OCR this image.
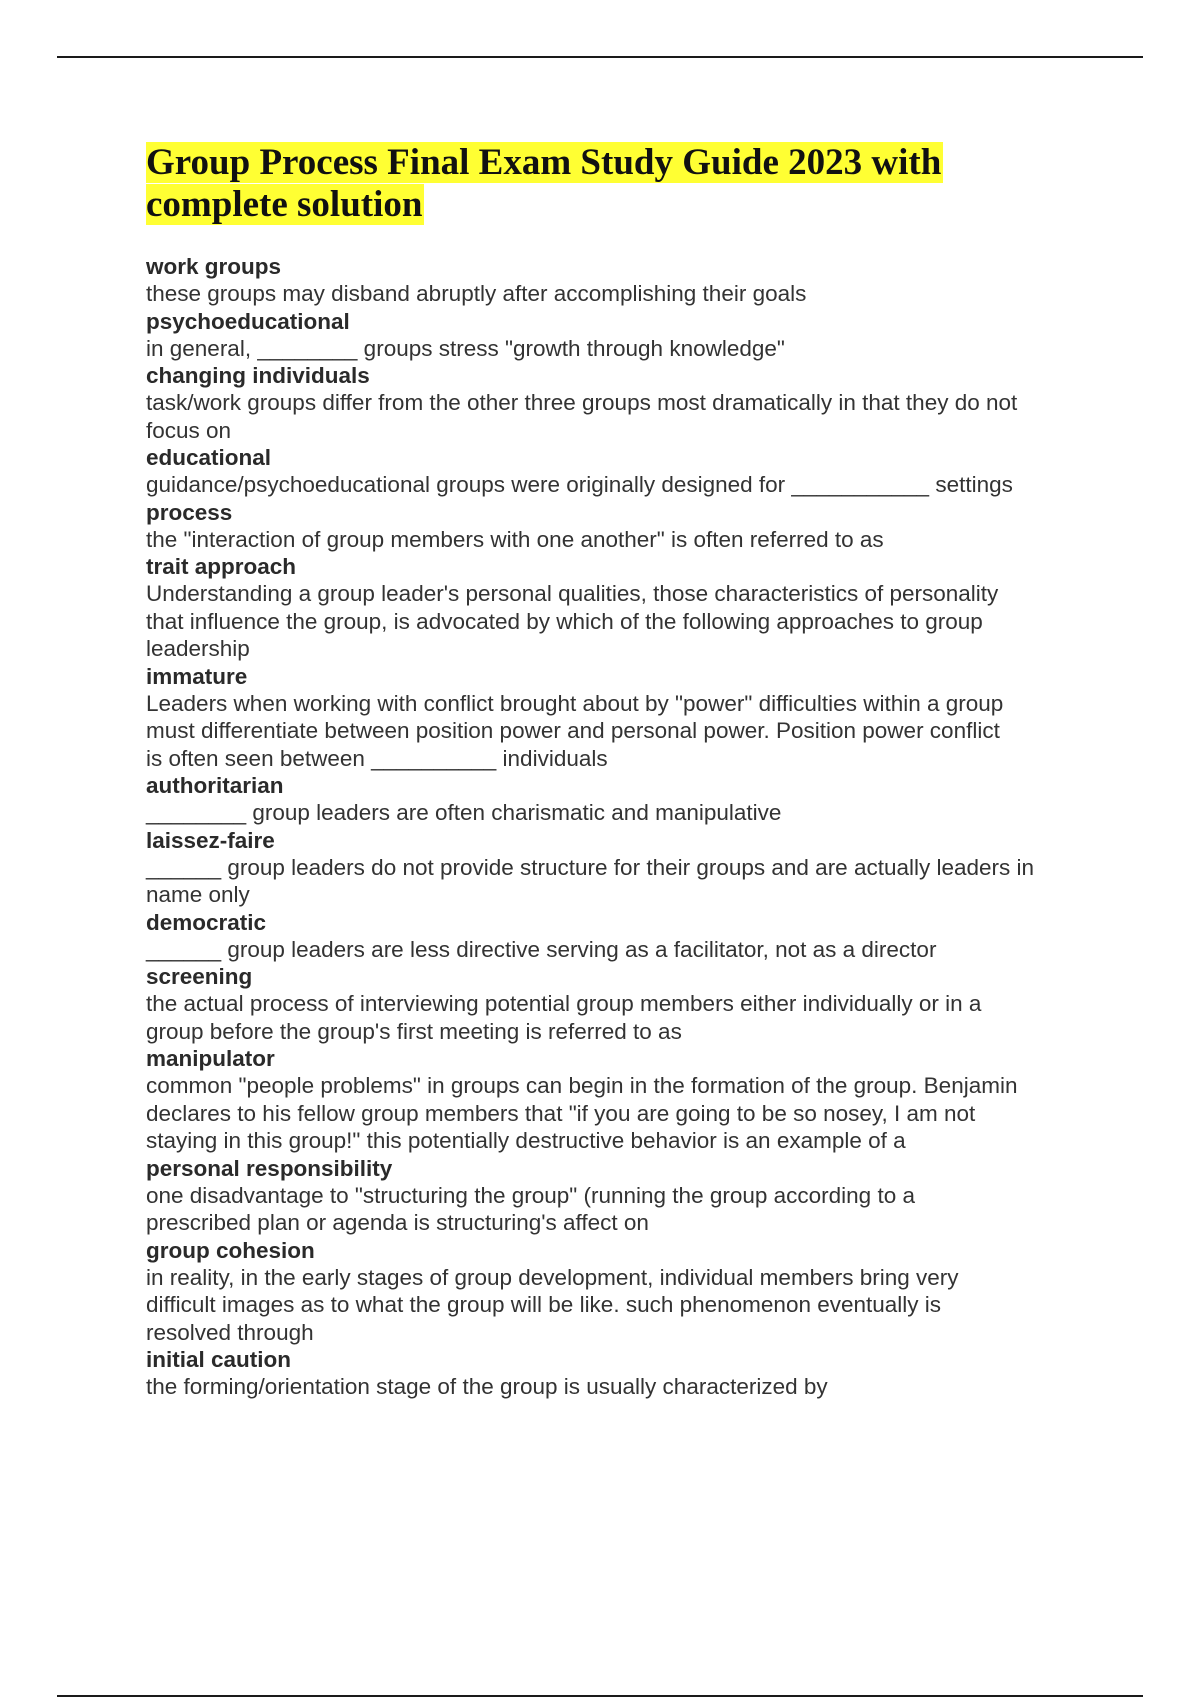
Group Process Final Exam Study Guide 2023 with
complete solution
work groups
these groups may disband abruptly after accomplishing their goals
psychoeducational
in general, ________ groups stress "growth through knowledge"
changing individuals
task/work groups differ from the other three groups most dramatically in that they do not
focus on
educational
guidance/psychoeducational groups were originally designed for ___________ settings
process
the "interaction of group members with one another" is often referred to as
trait approach
Understanding a group leader's personal qualities, those characteristics of personality
that influence the group, is advocated by which of the following approaches to group
leadership
immature
Leaders when working with conflict brought about by "power" difficulties within a group
must differentiate between position power and personal power. Position power conflict
is often seen between __________ individuals
authoritarian
________ group leaders are often charismatic and manipulative
laissez-faire
______ group leaders do not provide structure for their groups and are actually leaders in
name only
democratic
______ group leaders are less directive serving as a facilitator, not as a director
screening
the actual process of interviewing potential group members either individually or in a
group before the group's first meeting is referred to as
manipulator
common "people problems" in groups can begin in the formation of the group. Benjamin
declares to his fellow group members that "if you are going to be so nosey, I am not
staying in this group!" this potentially destructive behavior is an example of a
personal responsibility
one disadvantage to "structuring the group" (running the group according to a
prescribed plan or agenda is structuring's affect on
group cohesion
in reality, in the early stages of group development, individual members bring very
difficult images as to what the group will be like. such phenomenon eventually is
resolved through
initial caution
the forming/orientation stage of the group is usually characterized by
